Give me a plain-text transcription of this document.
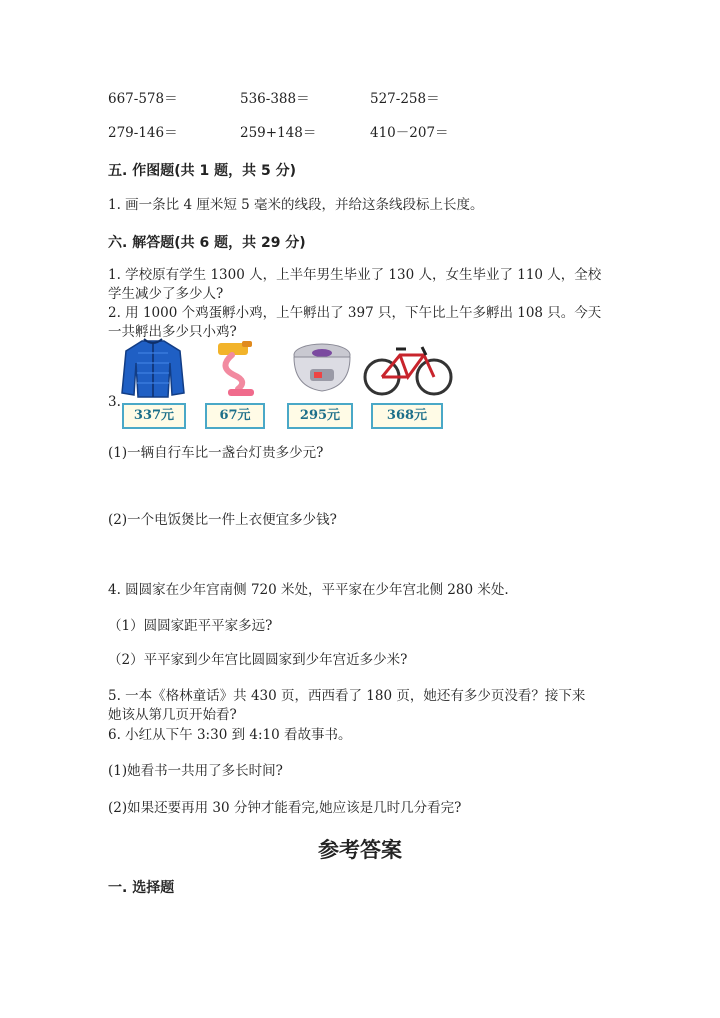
667-578＝	536-388＝	527-258＝
279-146＝	259+148＝	410－207＝
五. 作图题(共 1 题，共 5 分)
1. 画一条比 4 厘米短 5 毫米的线段，并给这条线段标上长度。
六. 解答题(共 6 题，共 29 分)
1. 学校原有学生 1300 人，上半年男生毕业了 130 人，女生毕业了 110 人，全校
学生减少了多少人?
2. 用 1000 个鸡蛋孵小鸡，上午孵出了 397 只，下午比上午多孵出 108 只。今天
一共孵出多少只小鸡?
3.
337元	67元	295元	368元
(1)一辆自行车比一盏台灯贵多少元?
(2)一个电饭煲比一件上衣便宜多少钱?
4. 圆圆家在少年宫南侧 720 米处，平平家在少年宫北侧 280 米处.
（1）圆圆家距平平家多远?
（2）平平家到少年宫比圆圆家到少年宫近多少米?
5. 一本《格林童话》共 430 页，西西看了 180 页，她还有多少页没看？接下来
她该从第几页开始看?
6. 小红从下午 3:30 到 4:10 看故事书。
(1)她看书一共用了多长时间?
(2)如果还要再用 30 分钟才能看完,她应该是几时几分看完?
参考答案
一. 选择题
